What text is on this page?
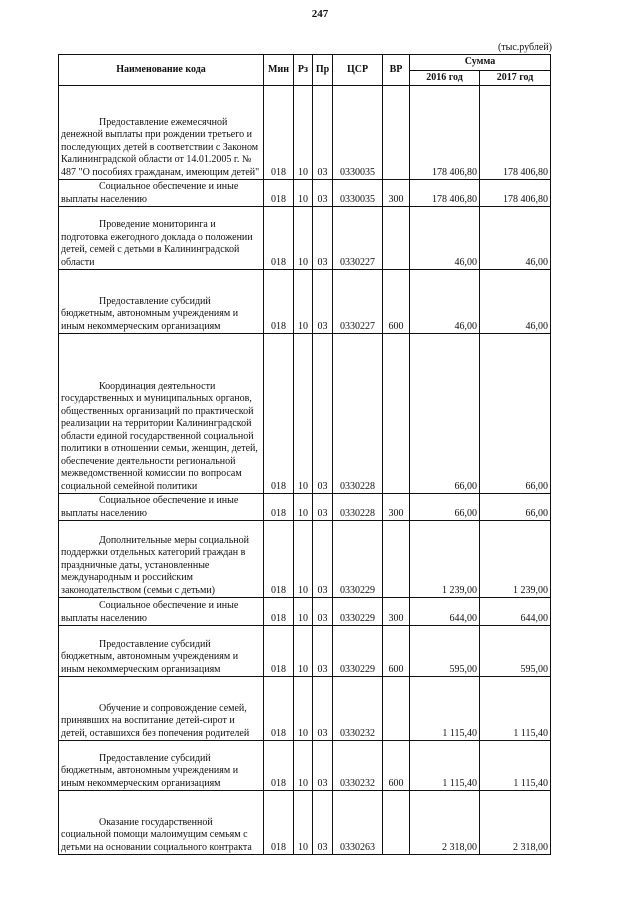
247
(тыс.рублей)
Наименование кода	Мин	Рз	Пр	ЦСР	ВР	Сумма	
						2016 год	2017 год
Предоставление ежемесячной денежной выплаты при рождении третьего и последующих детей в соответствии с Законом Калининградской области от 14.01.2005 г. № 487 "О пособиях гражданам, имеющим детей"	018	10	03	0330035		178 406,80	178 406,80
Социальное обеспечение и иные выплаты населению	018	10	03	0330035	300	178 406,80	178 406,80
Проведение мониторинга и подготовка ежегодного доклада о положении детей, семей с детьми в Калининградской области	018	10	03	0330227		46,00	46,00
Предоставление субсидий бюджетным, автономным учреждениям и иным некоммерческим организациям	018	10	03	0330227	600	46,00	46,00
Координация деятельности государственных и муниципальных органов, общественных организаций по практической реализации на территории Калининградской области единой государственной социальной политики в отношении семьи, женщин, детей, обеспечение деятельности региональной межведомственной комиссии по вопросам социальной семейной политики	018	10	03	0330228		66,00	66,00
Социальное обеспечение и иные выплаты населению	018	10	03	0330228	300	66,00	66,00
Дополнительные меры социальной поддержки отдельных категорий граждан в праздничные даты, установленные международным и российским законодательством (семьи с детьми)	018	10	03	0330229		1 239,00	1 239,00
Социальное обеспечение и иные выплаты населению	018	10	03	0330229	300	644,00	644,00
Предоставление субсидий бюджетным, автономным учреждениям и иным некоммерческим организациям	018	10	03	0330229	600	595,00	595,00
Обучение и сопровождение семей, принявших на воспитание детей-сирот и детей, оставшихся без попечения родителей	018	10	03	0330232		1 115,40	1 115,40
Предоставление субсидий бюджетным, автономным учреждениям и иным некоммерческим организациям	018	10	03	0330232	600	1 115,40	1 115,40
Оказание государственной социальной помощи малоимущим семьям с детьми на основании социального контракта	018	10	03	0330263		2 318,00	2 318,00
